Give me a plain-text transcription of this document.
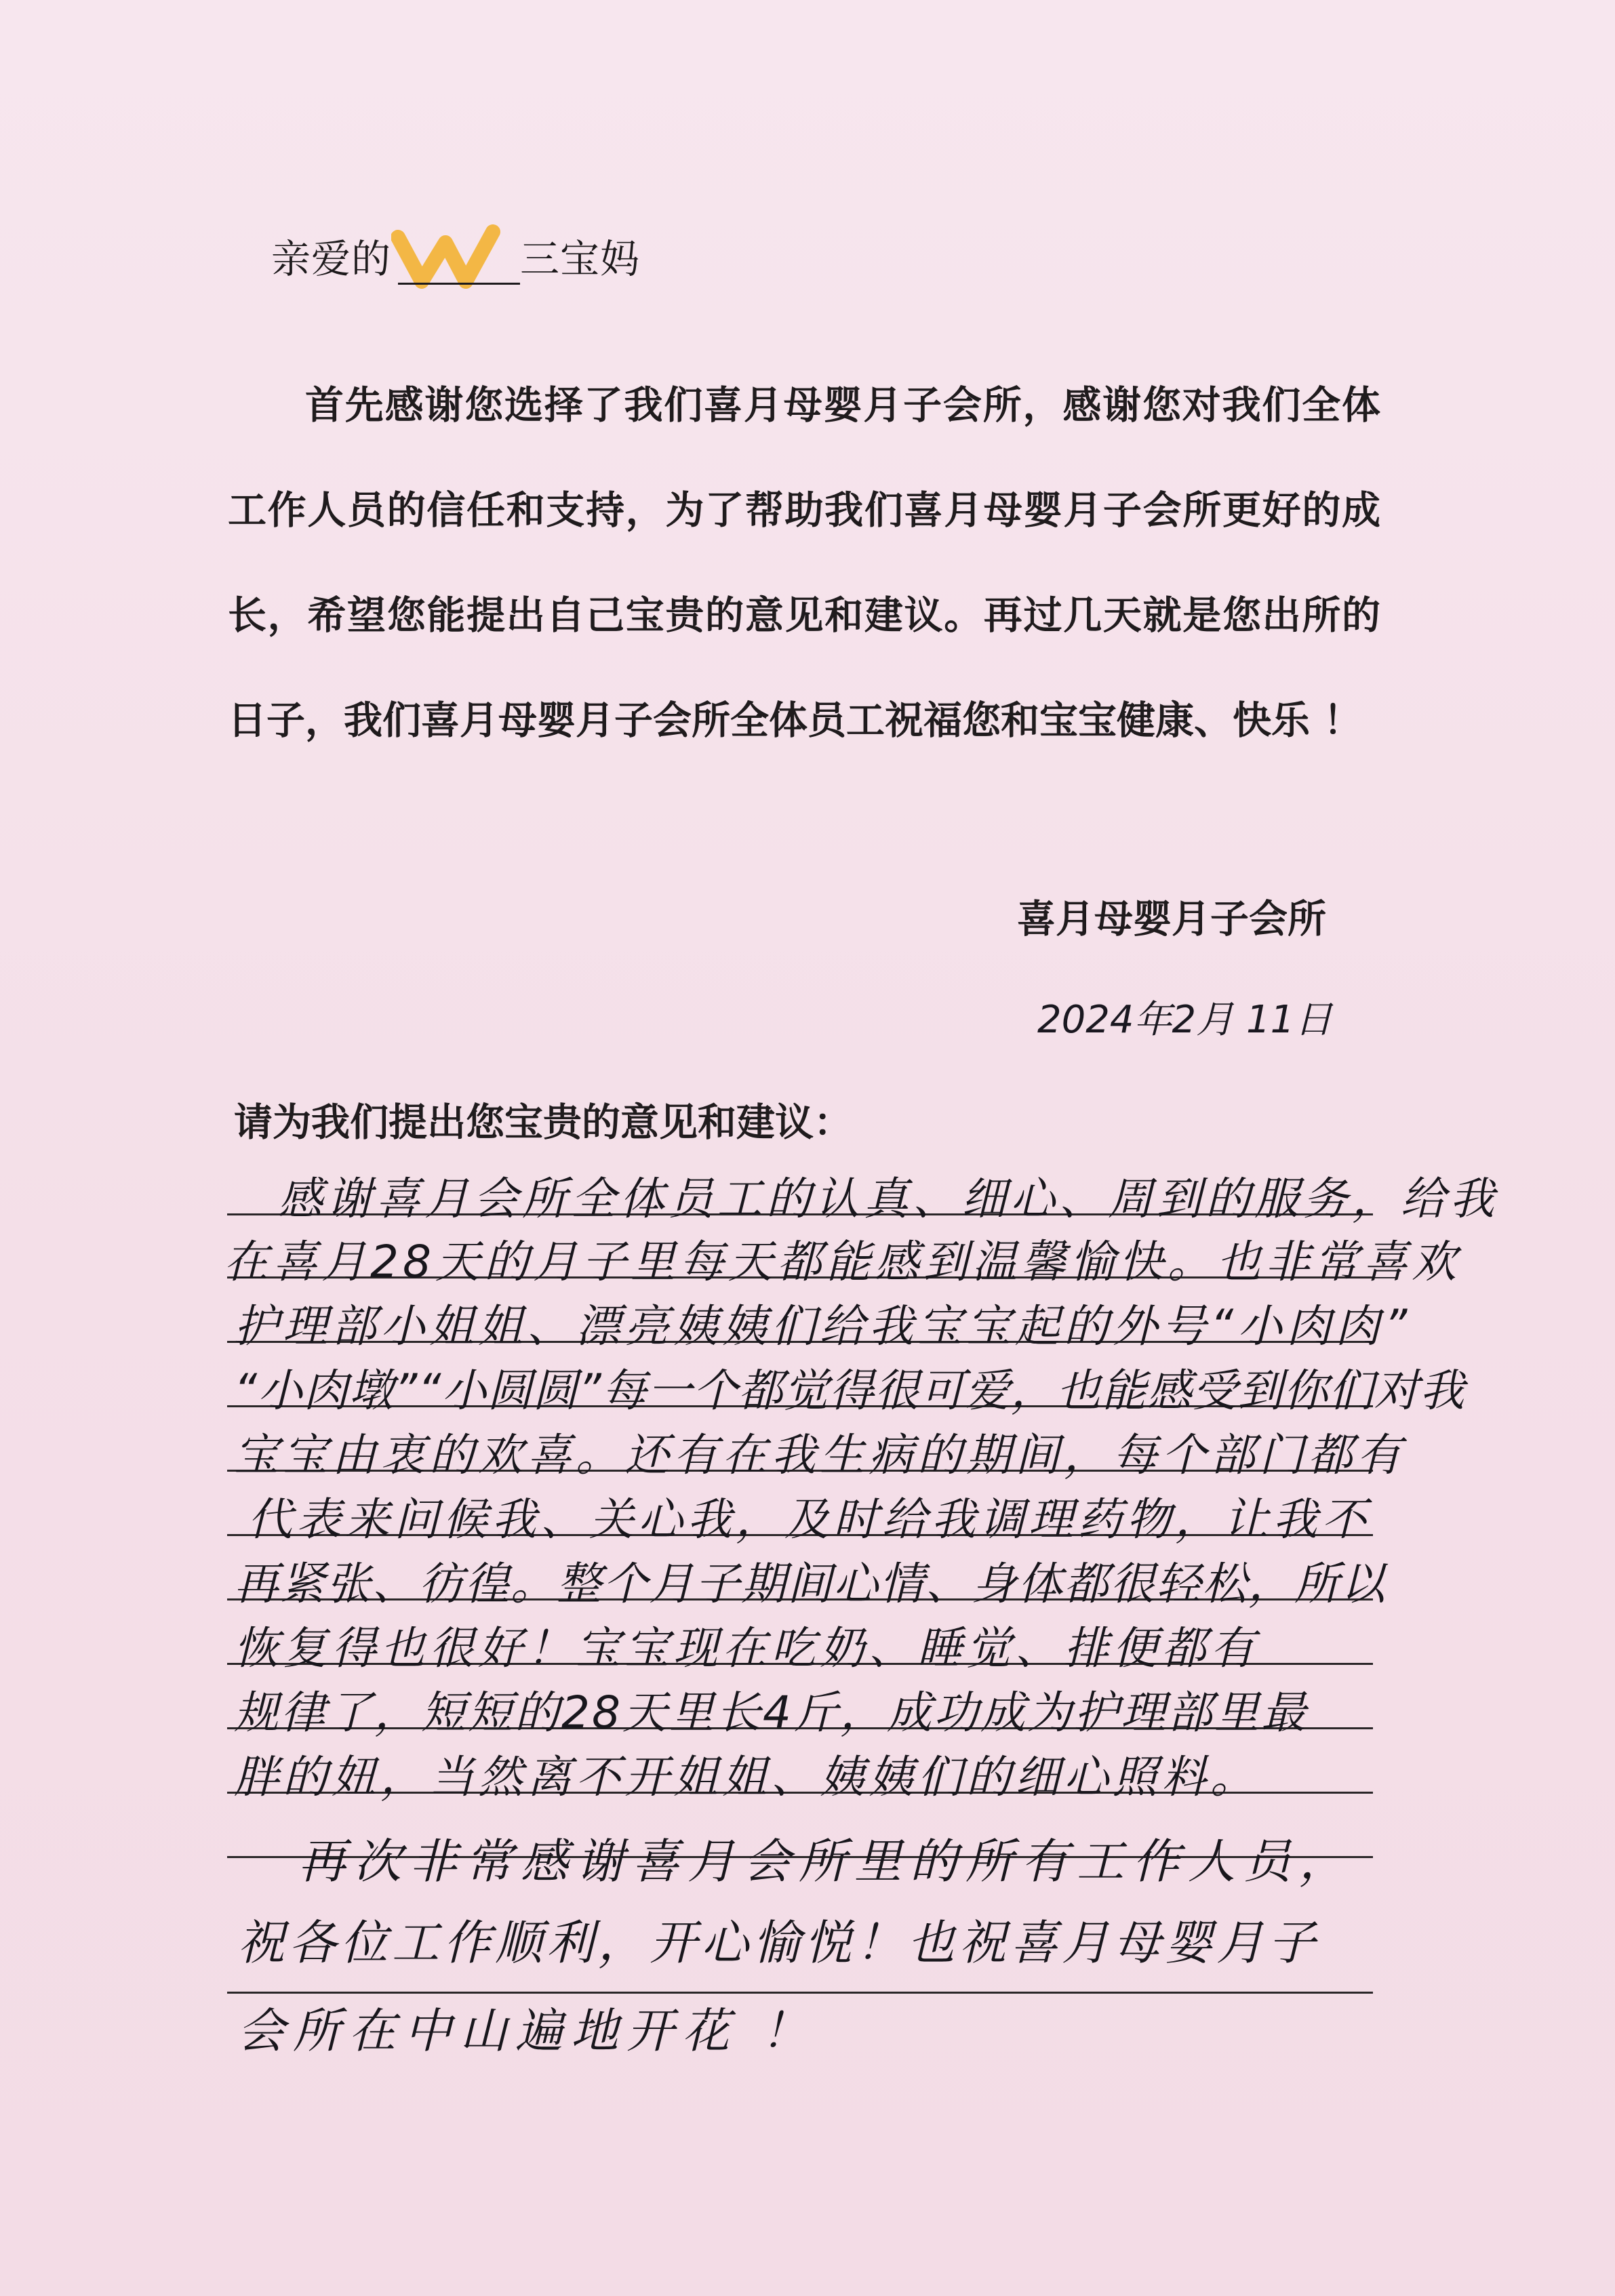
亲爱的	三宝妈
首先感谢您选择了我们喜月母婴月子会所，感谢您对我们全体工作人员的信任和支持，为了帮助我们喜月母婴月子会所更好的成长，希望您能提出自己宝贵的意见和建议。再过几天就是您出所的日子，我们喜月母婴月子会所全体员工祝福您和宝宝健康、快乐 ！
喜月母婴月子会所
2024年2月 11日
请为我们提出您宝贵的意见和建议：
感谢喜月会所全体员工的认真、细心、周到的服务，给我
在喜月28天的月子里每天都能感到温馨愉快。也非常喜欢
护理部小姐姐、漂亮姨姨们给我宝宝起的外号“小肉肉”
“小肉墩”“小圆圆”每一个都觉得很可爱，也能感受到你们对我
宝宝由衷的欢喜。还有在我生病的期间，每个部门都有
代表来问候我、关心我，及时给我调理药物，让我不
再紧张、彷徨。整个月子期间心情、身体都很轻松，所以
恢复得也很好！宝宝现在吃奶、睡觉、排便都有
规律了，短短的28天里长4斤，成功成为护理部里最
胖的妞，当然离不开姐姐、姨姨们的细心照料。
再次非常感谢喜月会所里的所有工作人员，
祝各位工作顺利，开心愉悦！也祝喜月母婴月子
会所在中山遍地开花 ！
